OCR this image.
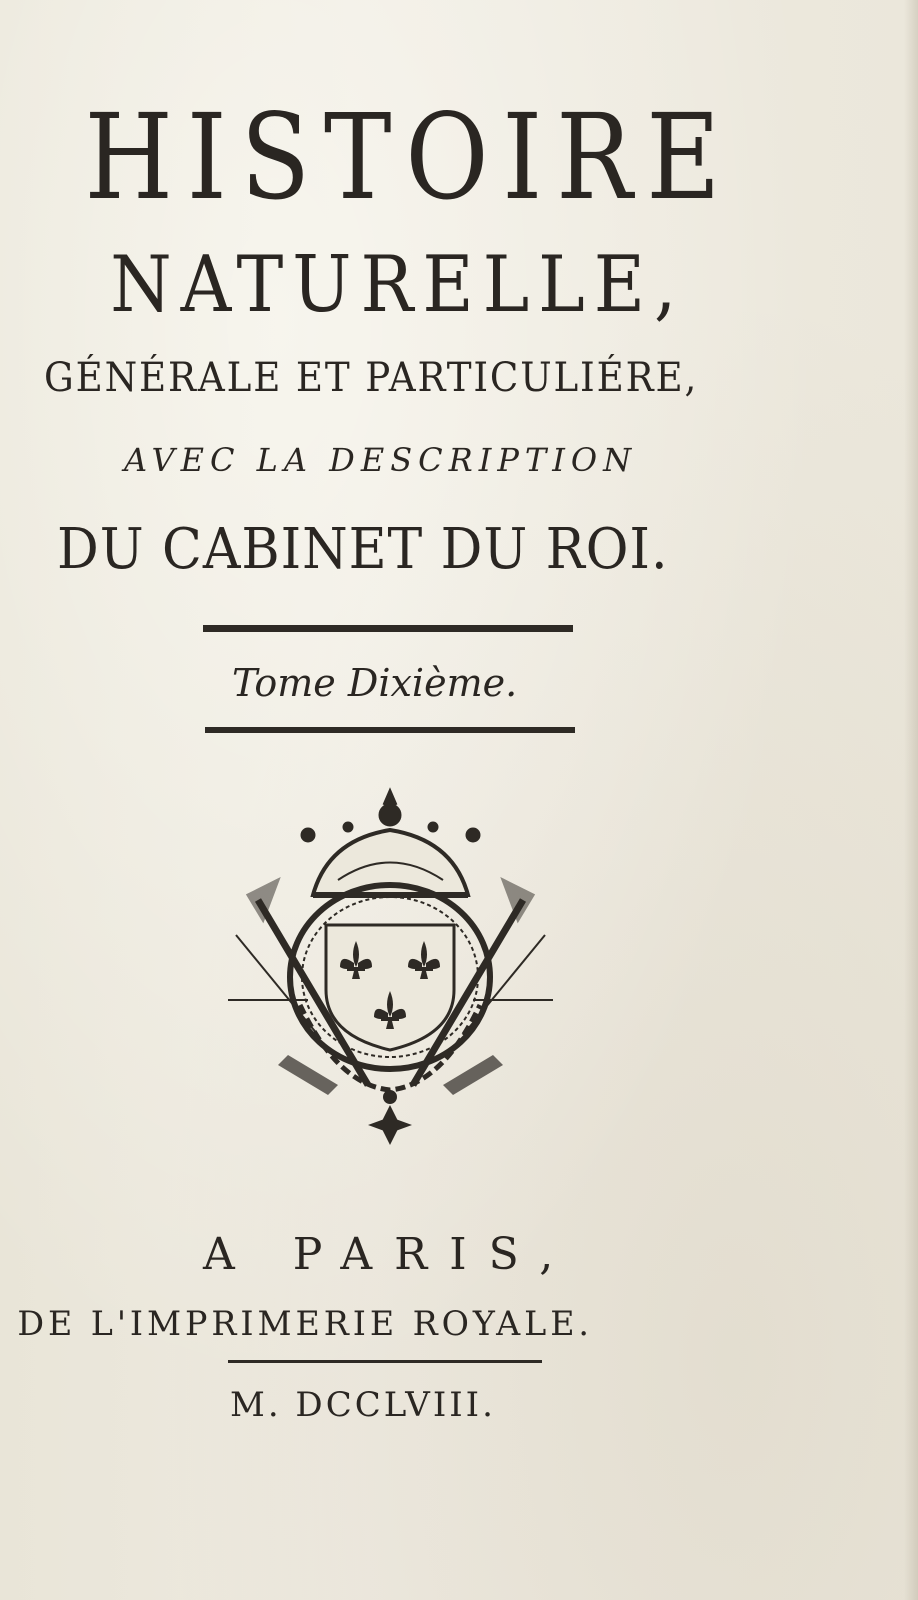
HISTOIRE
NATURELLE,
GÉNÉRALE ET PARTICULIÉRE,
AVEC LA DESCRIPTION
DU CABINET DU ROI.
Tome Dixième.
A PARIS,
DE L'IMPRIMERIE ROYALE.
M. DCCLVIII.
